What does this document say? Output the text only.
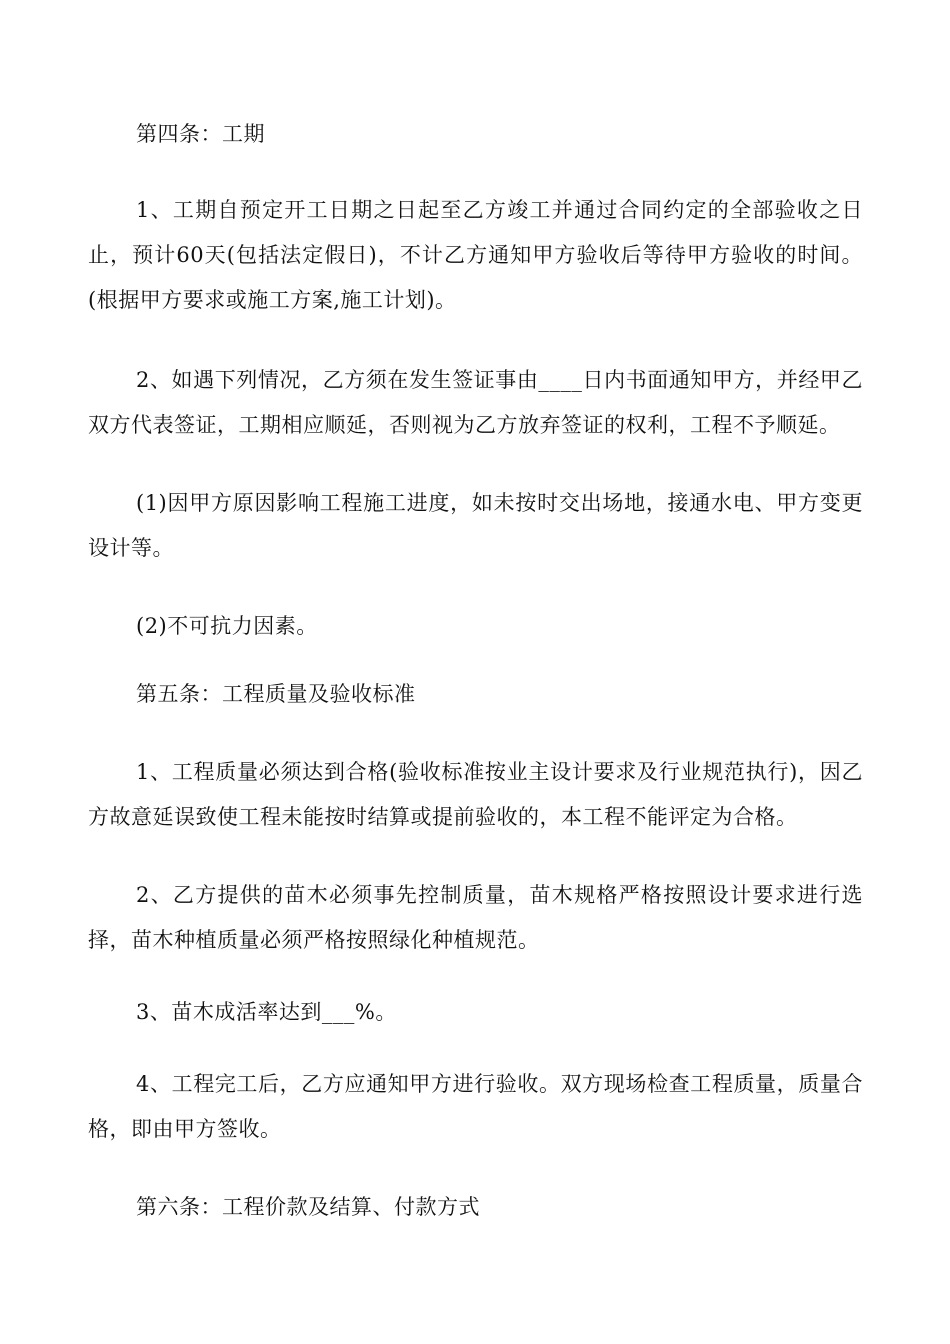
第四条：工期

1、工期自预定开工日期之日起至乙方竣工并通过合同约定的全部验收之日止，预计60天(包括法定假日)，不计乙方通知甲方验收后等待甲方验收的时间。(根据甲方要求或施工方案,施工计划)。

2、如遇下列情况，乙方须在发生签证事由____日内书面通知甲方，并经甲乙双方代表签证，工期相应顺延，否则视为乙方放弃签证的权利，工程不予顺延。

(1)因甲方原因影响工程施工进度，如未按时交出场地，接通水电、甲方变更设计等。

(2)不可抗力因素。

第五条：工程质量及验收标准

1、工程质量必须达到合格(验收标准按业主设计要求及行业规范执行)，因乙方故意延误致使工程未能按时结算或提前验收的，本工程不能评定为合格。

2、乙方提供的苗木必须事先控制质量，苗木规格严格按照设计要求进行选择，苗木种植质量必须严格按照绿化种植规范。

3、苗木成活率达到___%。

4、工程完工后，乙方应通知甲方进行验收。双方现场检查工程质量，质量合格，即由甲方签收。

第六条：工程价款及结算、付款方式
